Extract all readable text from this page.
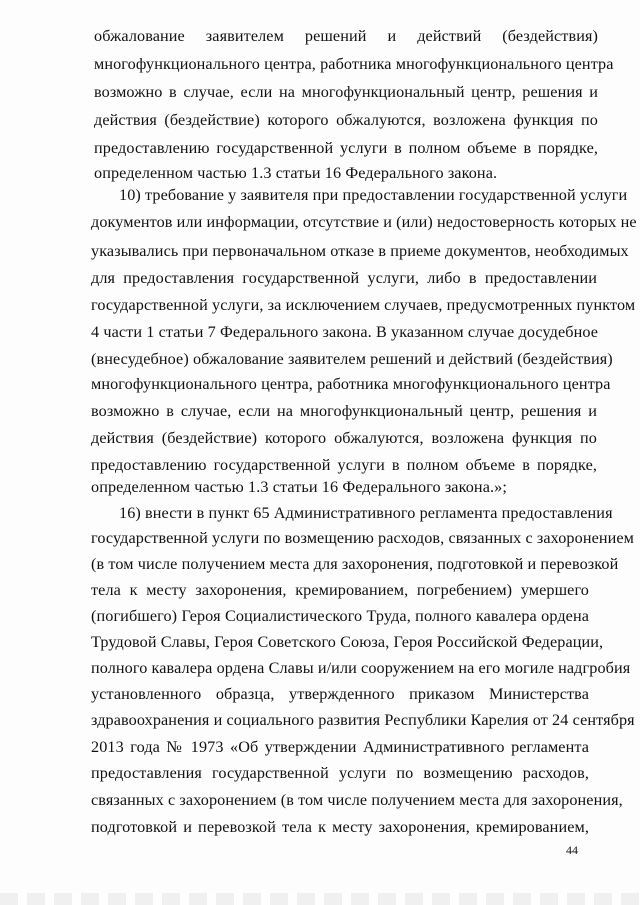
обжалование заявителем решений и действий (бездействия)
многофункционального центра, работника многофункционального центра
возможно в случае, если на многофункциональный центр, решения и
действия (бездействие) которого обжалуются, возложена функция по
предоставлению государственной услуги в полном объеме в порядке,
определенном частью 1.3 статьи 16 Федерального закона.
10) требование у заявителя при предоставлении государственной услуги
документов или информации, отсутствие и (или) недостоверность которых не
указывались при первоначальном отказе в приеме документов, необходимых
для предоставления государственной услуги, либо в предоставлении
государственной услуги, за исключением случаев, предусмотренных пунктом
4 части 1 статьи 7 Федерального закона. В указанном случае досудебное
(внесудебное) обжалование заявителем решений и действий (бездействия)
многофункционального центра, работника многофункционального центра
возможно в случае, если на многофункциональный центр, решения и
действия (бездействие) которого обжалуются, возложена функция по
предоставлению государственной услуги в полном объеме в порядке,
определенном частью 1.3 статьи 16 Федерального закона.»;
16) внести в пункт 65 Административного регламента предоставления
государственной услуги по возмещению расходов, связанных с захоронением
(в том числе получением места для захоронения, подготовкой и перевозкой
тела к месту захоронения, кремированием, погребением) умершего
(погибшего) Героя Социалистического Труда, полного кавалера ордена
Трудовой Славы, Героя Советского Союза, Героя Российской Федерации,
полного кавалера ордена Славы и/или сооружением на его могиле надгробия
установленного образца, утвержденного приказом Министерства
здравоохранения и социального развития Республики Карелия от 24 сентября
2013 года № 1973 «Об утверждении Административного регламента
предоставления государственной услуги по возмещению расходов,
связанных с захоронением (в том числе получением места для захоронения,
подготовкой и перевозкой тела к месту захоронения, кремированием,
44
